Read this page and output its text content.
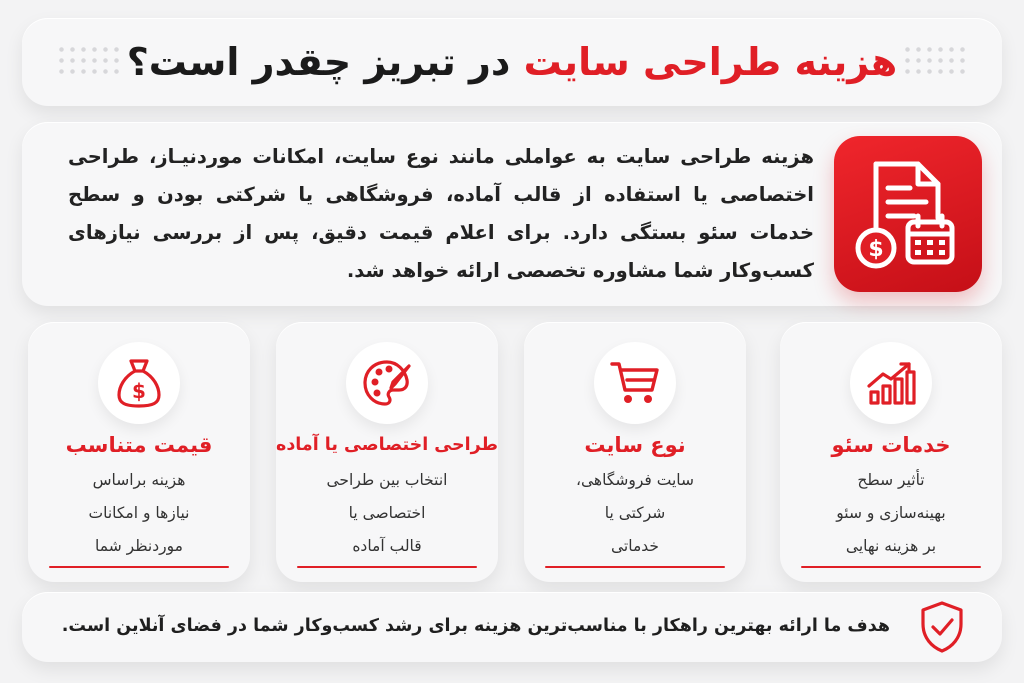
هزینه طراحی سایت در تبریز چقدر است؟
$

هزینه طراحی سایت به عواملی مانند نوع سایت، امکانات موردنیـاز، طراحی اختصاصی یا استفاده از قالب آماده، فروشگاهی یا شرکتی بودن و سطح خدمات سئو بستگی دارد. برای اعلام قیمت دقیق، پس از بررسی نیازهای کسب‌وکار شما مشاوره تخصصی ارائه خواهد شد.

خدمات سئو
تأثیر سطح
بهینه‌سازی و سئو
بر هزینه نهایی
نوع سایت
سایت فروشگاهی،
شرکتی یا
خدماتی
طراحی اختصاصی یا آماده
انتخاب بین طراحی
اختصاصی یا
قالب آماده
$
قیمت متناسب
هزینه براساس
نیازها و امکانات
موردنظر شما

هدف ما ارائه بهترین راهکار با مناسب‌ترین هزینه برای رشد کسب‌وکار شما در فضای آنلاین است.
